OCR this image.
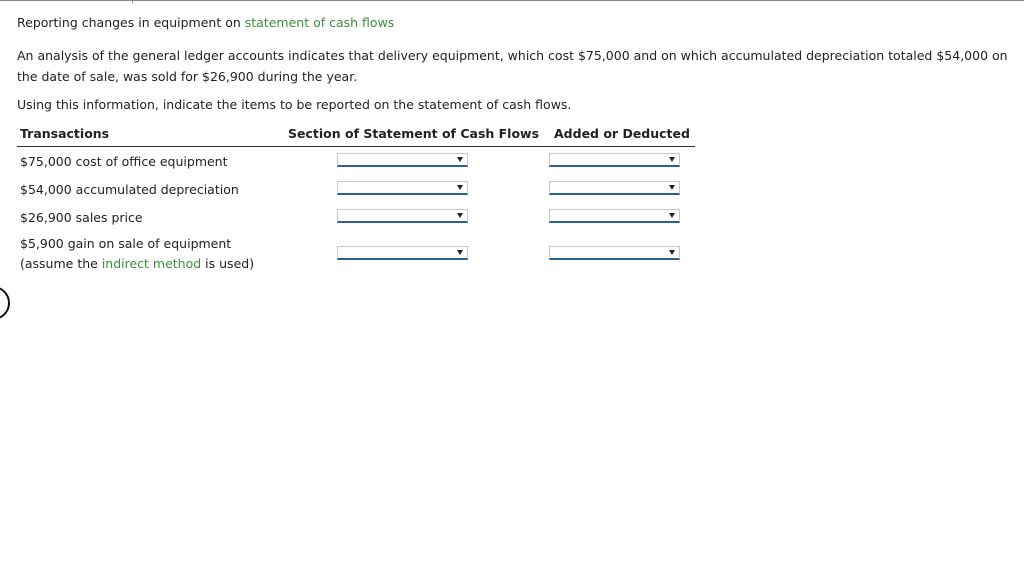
Reporting changes in equipment on statement of cash flows
An analysis of the general ledger accounts indicates that delivery equipment, which cost $75,000 and on which accumulated depreciation totaled $54,000 on the date of sale, was sold for $26,900 during the year.
Using this information, indicate the items to be reported on the statement of cash flows.
Transactions	Section of Statement of Cash Flows Added or Deducted
$75,000 cost of office equipment
$54,000 accumulated depreciation
$26,900 sales price
$5,900 gain on sale of equipment
(assume the indirect method is used)
